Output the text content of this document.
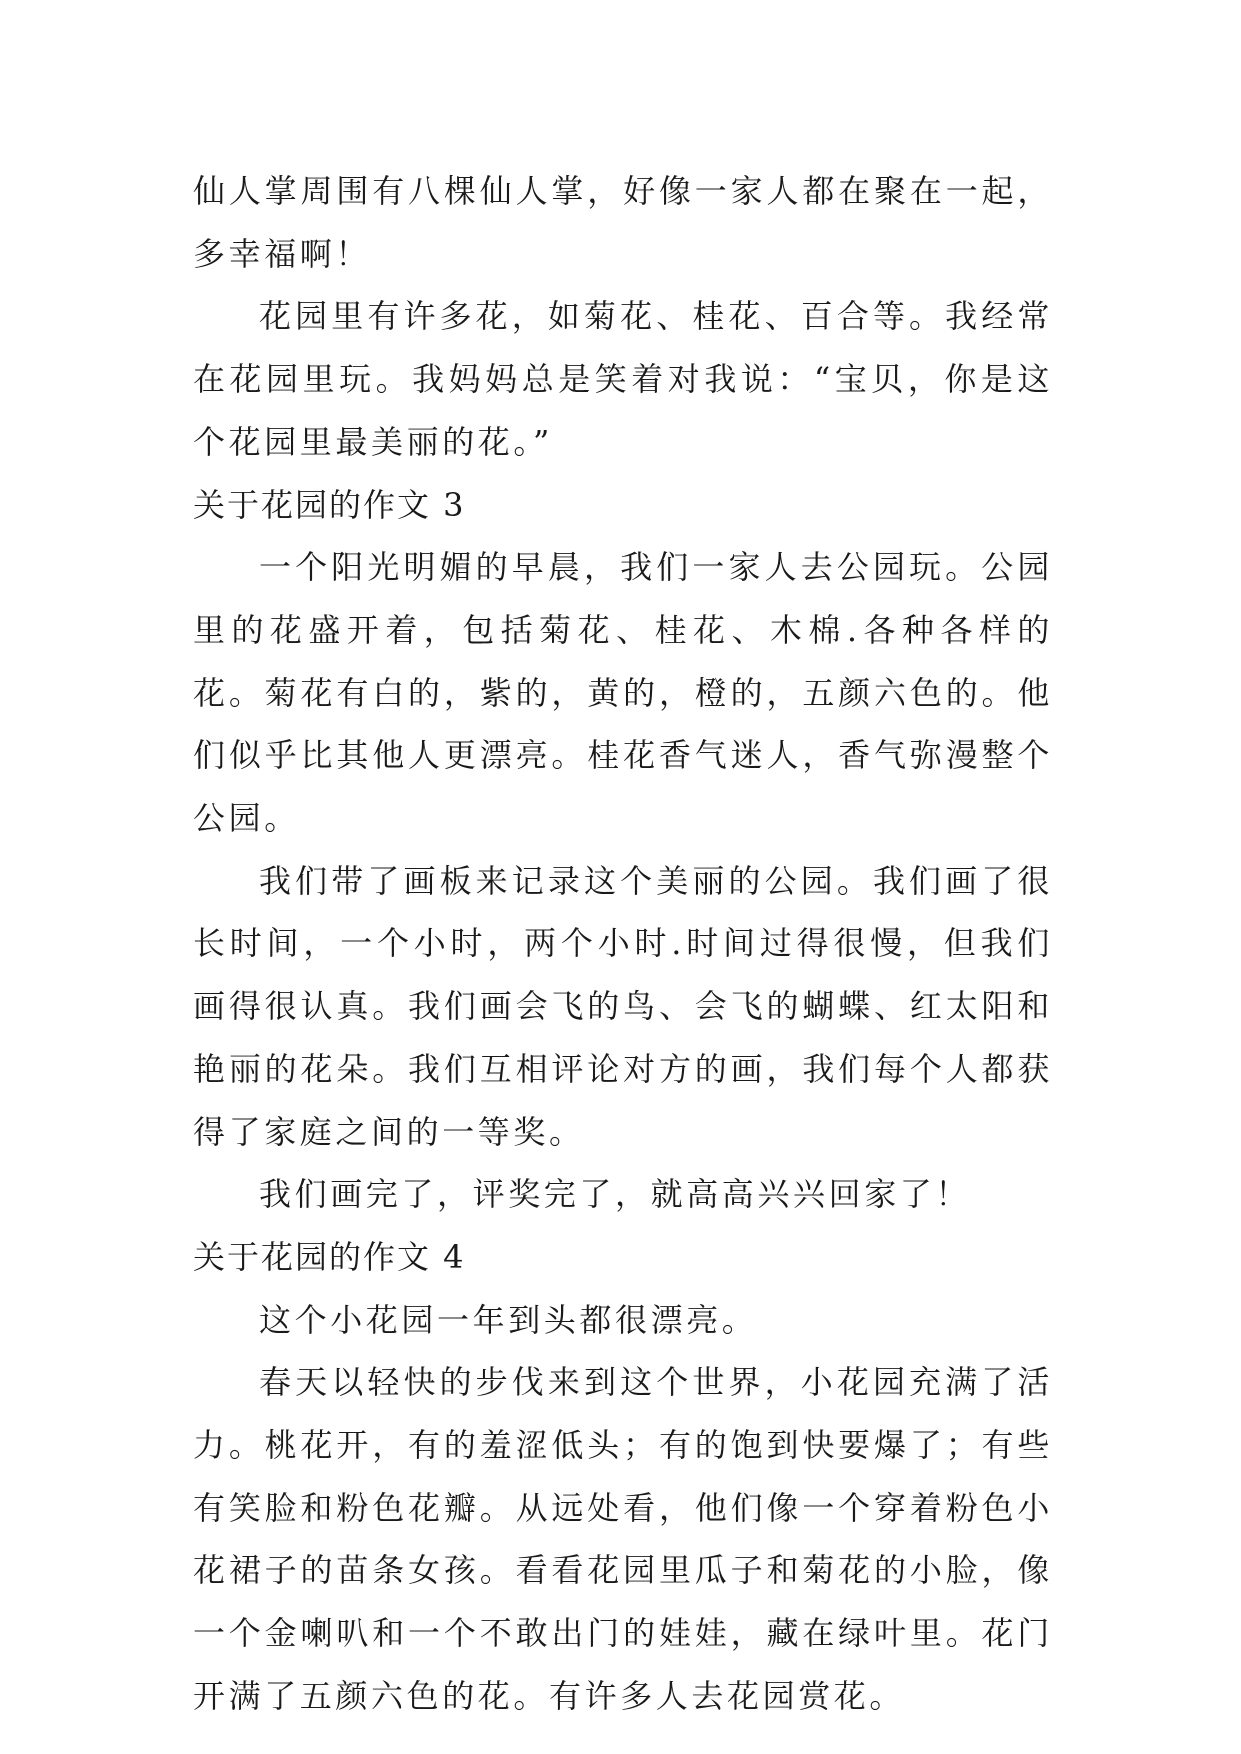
仙人掌周围有八棵仙人掌，好像一家人都在聚在一起，多幸福啊！

花园里有许多花，如菊花、桂花、百合等。我经常在花园里玩。我妈妈总是笑着对我说：“宝贝，你是这个花园里最美丽的花。”

关于花园的作文 3

一个阳光明媚的早晨，我们一家人去公园玩。公园里的花盛开着，包括菊花、桂花、木棉.各种各样的花。菊花有白的，紫的，黄的，橙的，五颜六色的。他们似乎比其他人更漂亮。桂花香气迷人，香气弥漫整个公园。

我们带了画板来记录这个美丽的公园。我们画了很长时间，一个小时，两个小时.时间过得很慢，但我们画得很认真。我们画会飞的鸟、会飞的蝴蝶、红太阳和艳丽的花朵。我们互相评论对方的画，我们每个人都获得了家庭之间的一等奖。

我们画完了，评奖完了，就高高兴兴回家了！

关于花园的作文 4

这个小花园一年到头都很漂亮。

春天以轻快的步伐来到这个世界，小花园充满了活力。桃花开，有的羞涩低头；有的饱到快要爆了；有些有笑脸和粉色花瓣。从远处看，他们像一个穿着粉色小花裙子的苗条女孩。看看花园里瓜子和菊花的小脸，像一个金喇叭和一个不敢出门的娃娃，藏在绿叶里。花门开满了五颜六色的花。有许多人去花园赏花。
